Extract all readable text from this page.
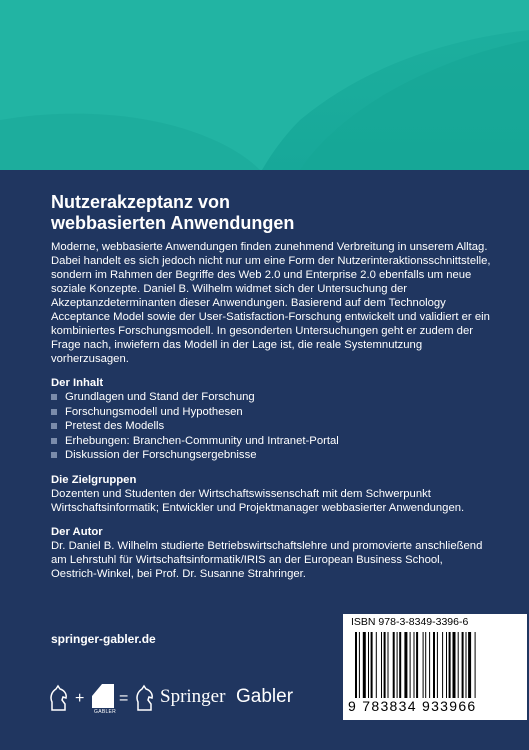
Nutzerakzeptanz von
webbasierten Anwendungen

Moderne, webbasierte Anwendungen finden zunehmend Verbreitung in unserem Alltag. Dabei handelt es sich jedoch nicht nur um eine Form der Nutzerinteraktionsschnittstelle, sondern im Rahmen der Begriffe des Web 2.0 und Enterprise 2.0 ebenfalls um neue soziale Konzepte. Daniel B. Wilhelm widmet sich der Untersuchung der Akzeptanzdeterminanten dieser Anwendungen. Basierend auf dem Technology Acceptance Model sowie der User-Satisfaction-Forschung entwickelt und validiert er ein kombiniertes Forschungsmodell. In gesonderten Untersuchungen geht er zudem der Frage nach, inwiefern das Modell in der Lage ist, die reale Systemnutzung vorherzusagen.

Der Inhalt
Grundlagen und Stand der Forschung
Forschungsmodell und Hypothesen
Pretest des Modells
Erhebungen: Branchen-Community und Intranet-Portal
Diskussion der Forschungsergebnisse
Die Zielgruppen

Dozenten und Studenten der Wirtschaftswissenschaft mit dem Schwerpunkt Wirtschaftsinformatik; Entwickler und Projektmanager webbasierter Anwendungen.

Der Autor

Dr. Daniel B. Wilhelm studierte Betriebswirtschaftslehre und promovierte anschließend am Lehrstuhl für Wirtschaftsinformatik/IRIS an der European Business School, Oestrich-Winkel, bei Prof. Dr. Susanne Strahringer.

springer-gabler.de
ISBN 978-3-8349-3396-6
9 783834 933966
+
GABLER
= Springer Gabler
